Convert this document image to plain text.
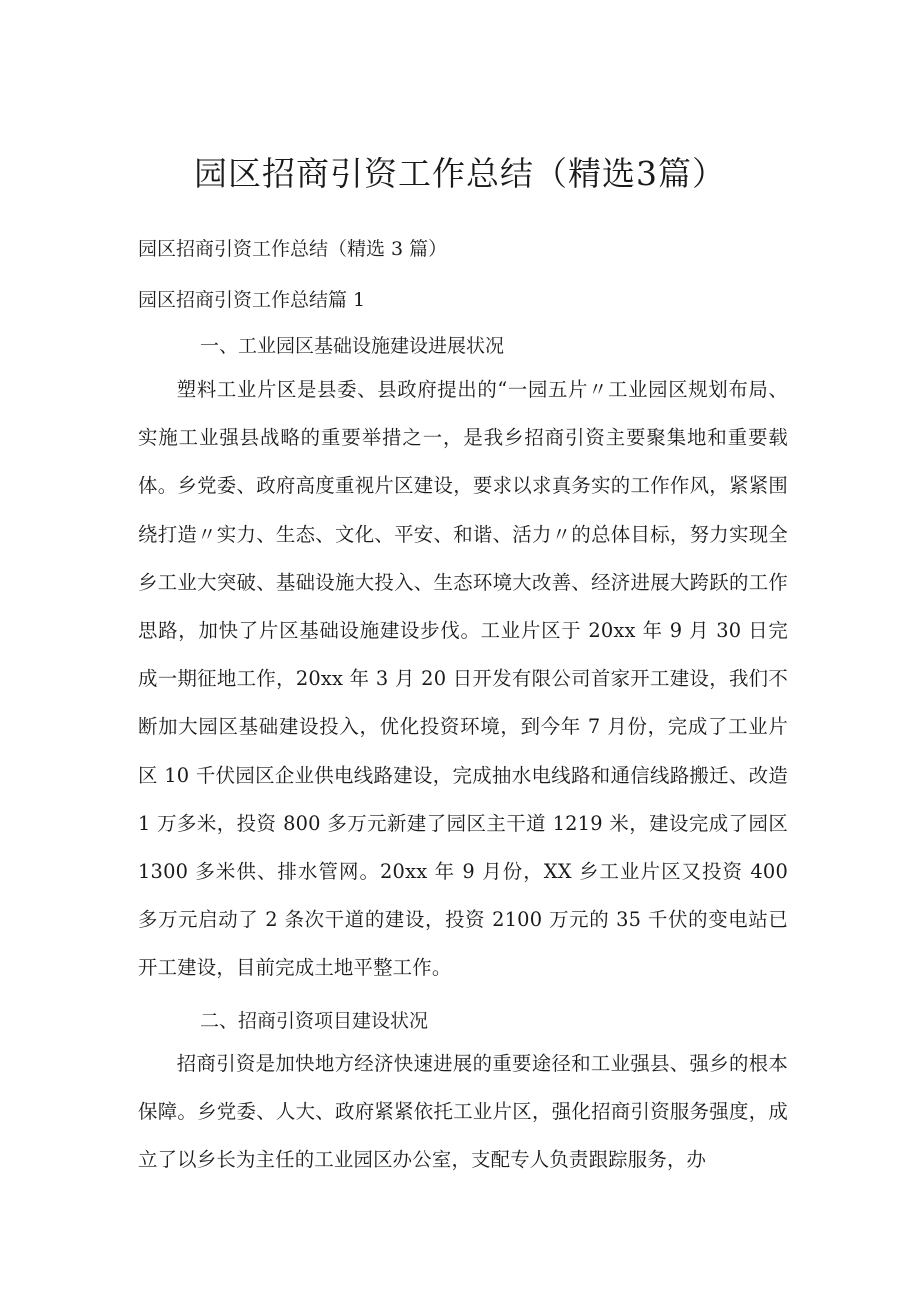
园区招商引资工作总结（精选3篇）

园区招商引资工作总结（精选 3 篇）

园区招商引资工作总结篇 1

一、工业园区基础设施建设进展状况

塑料工业片区是县委、县政府提出的“一园五片〃工业园区规划布局、实施工业强县战略的重要举措之一，是我乡招商引资主要聚集地和重要载体。乡党委、政府高度重视片区建设，要求以求真务实的工作作风，紧紧围绕打造〃实力、生态、文化、平安、和谐、活力〃的总体目标，努力实现全乡工业大突破、基础设施大投入、生态环境大改善、经济进展大跨跃的工作思路，加快了片区基础设施建设步伐。工业片区于 20xx 年 9 月 30 日完成一期征地工作，20xx 年 3 月 20 日开发有限公司首家开工建设，我们不断加大园区基础建设投入，优化投资环境，到今年 7 月份，完成了工业片区 10 千伏园区企业供电线路建设，完成抽水电线路和通信线路搬迁、改造 1 万多米，投资 800 多万元新建了园区主干道 1219 米，建设完成了园区 1300 多米供、排水管网。20xx 年 9 月份，XX 乡工业片区又投资 400 多万元启动了 2 条次干道的建设，投资 2100 万元的 35 千伏的变电站已开工建设，目前完成土地平整工作。

二、招商引资项目建设状况

招商引资是加快地方经济快速进展的重要途径和工业强县、强乡的根本保障。乡党委、人大、政府紧紧依托工业片区，强化招商引资服务强度，成立了以乡长为主任的工业园区办公室，支配专人负责跟踪服务，办
